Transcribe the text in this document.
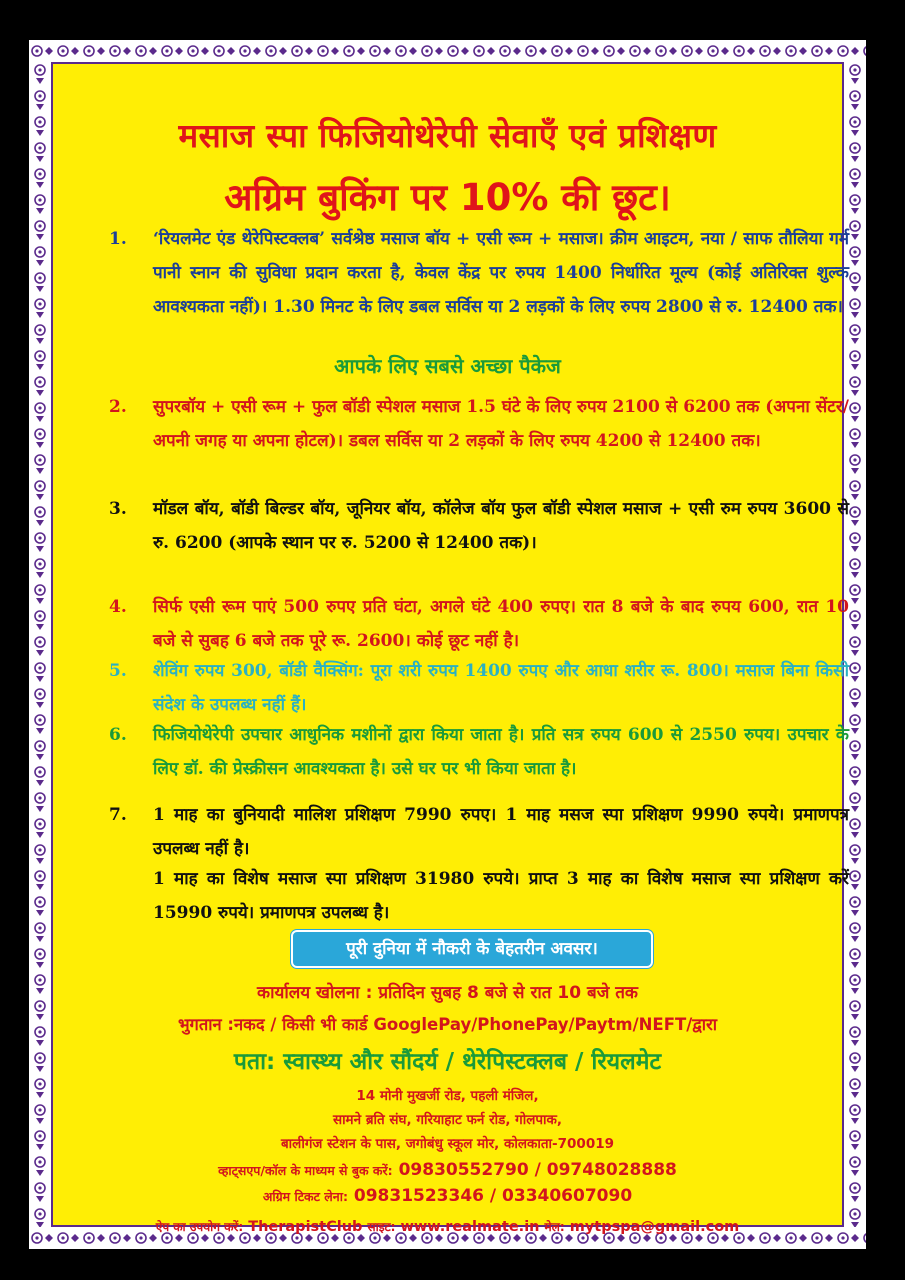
मसाज स्पा फिजियोथेरेपी सेवाएँ एवं प्रशिक्षण
अग्रिम बुकिंग पर 10% की छूट।
1.	‘रियलमेट एंड थेरेपिस्टक्लब’ सर्वश्रेष्ठ मसाज बॉय + एसी रूम + मसाज। क्रीम आइटम, नया / साफ तौलिया गर्म पानी स्नान की सुविधा प्रदान करता है, केवल केंद्र पर रुपय 1400 निर्धारित मूल्य (कोई अतिरिक्त शुल्क आवश्यकता नहीं)। 1.30 मिनट के लिए डबल सर्विस या 2 लड़कों के लिए रुपय 2800 से रु. 12400 तक।
आपके लिए सबसे अच्छा पैकेज
2.	सुपरबॉय + एसी रूम + फुल बॉडी स्पेशल मसाज 1.5 घंटे के लिए रुपय 2100 से 6200 तक (अपना सेंटर/अपनी जगह या अपना होटल)। डबल सर्विस या 2 लड़कों के लिए रुपय 4200 से 12400 तक।
3.	मॉडल बॉय, बॉडी बिल्डर बॉय, जूनियर बॉय, कॉलेज बॉय फुल बॉडी स्पेशल मसाज + एसी रुम रुपय 3600 से रु. 6200 (आपके स्थान पर रु. 5200 से 12400 तक)।
4.	सिर्फ एसी रूम पाएं 500 रुपए प्रति घंटा, अगले घंटे 400 रुपए। रात 8 बजे के बाद रुपय 600, रात 10 बजे से सुबह 6 बजे तक पूरे रू. 2600। कोई छूट नहीं है।
5.	शेविंग रुपय 300, बॉडी वैक्सिंग: पूरा शरी रुपय 1400 रुपए और आधा शरीर रू. 800। मसाज बिना किसी संदेश के उपलब्ध नहीं हैं।
6.	फिजियोथेरेपी उपचार आधुनिक मशीनों द्वारा किया जाता है। प्रति सत्र रुपय 600 से 2550 रुपय। उपचार के लिए डॉ. की प्रेस्क्रीसन आवश्यकता है। उसे घर पर भी किया जाता है।
7.	1 माह का बुनियादी मालिश प्रशिक्षण 7990 रुपए। 1 माह मसज स्पा प्रशिक्षण 9990 रुपये। प्रमाणपत्र उपलब्ध नहीं है।
1 माह का विशेष मसाज स्पा प्रशिक्षण 31980 रुपये। प्राप्त 3 माह का विशेष मसाज स्पा प्रशिक्षण करें 15990 रुपये। प्रमाणपत्र उपलब्ध है।
पूरी दुनिया में नौकरी के बेहतरीन अवसर।
कार्यालय खोलना : प्रतिदिन सुबह 8 बजे से रात 10 बजे तक
भुगतान :नकद / किसी भी कार्ड GooglePay/PhonePay/Paytm/NEFT/द्वारा
पता: स्वास्थ्य और सौंदर्य / थेरेपिस्टक्लब / रियलमेट
14 मोनी मुखर्जी रोड, पहली मंजिल,
सामने ब्रति संघ, गरियाहाट फर्न रोड, गोलपाक,
बालीगंज स्टेशन के पास, जगोबंधु स्कूल मोर, कोलकाता-700019
व्हाट्सएप/कॉल के माध्यम से बुक करें: 09830552790 / 09748028888
अग्रिम टिकट लेना: 09831523346 / 03340607090
ऐप का उपयोग करें: TherapistClub साइट: www.realmate.in मेल: mytpspa@gmail.com
